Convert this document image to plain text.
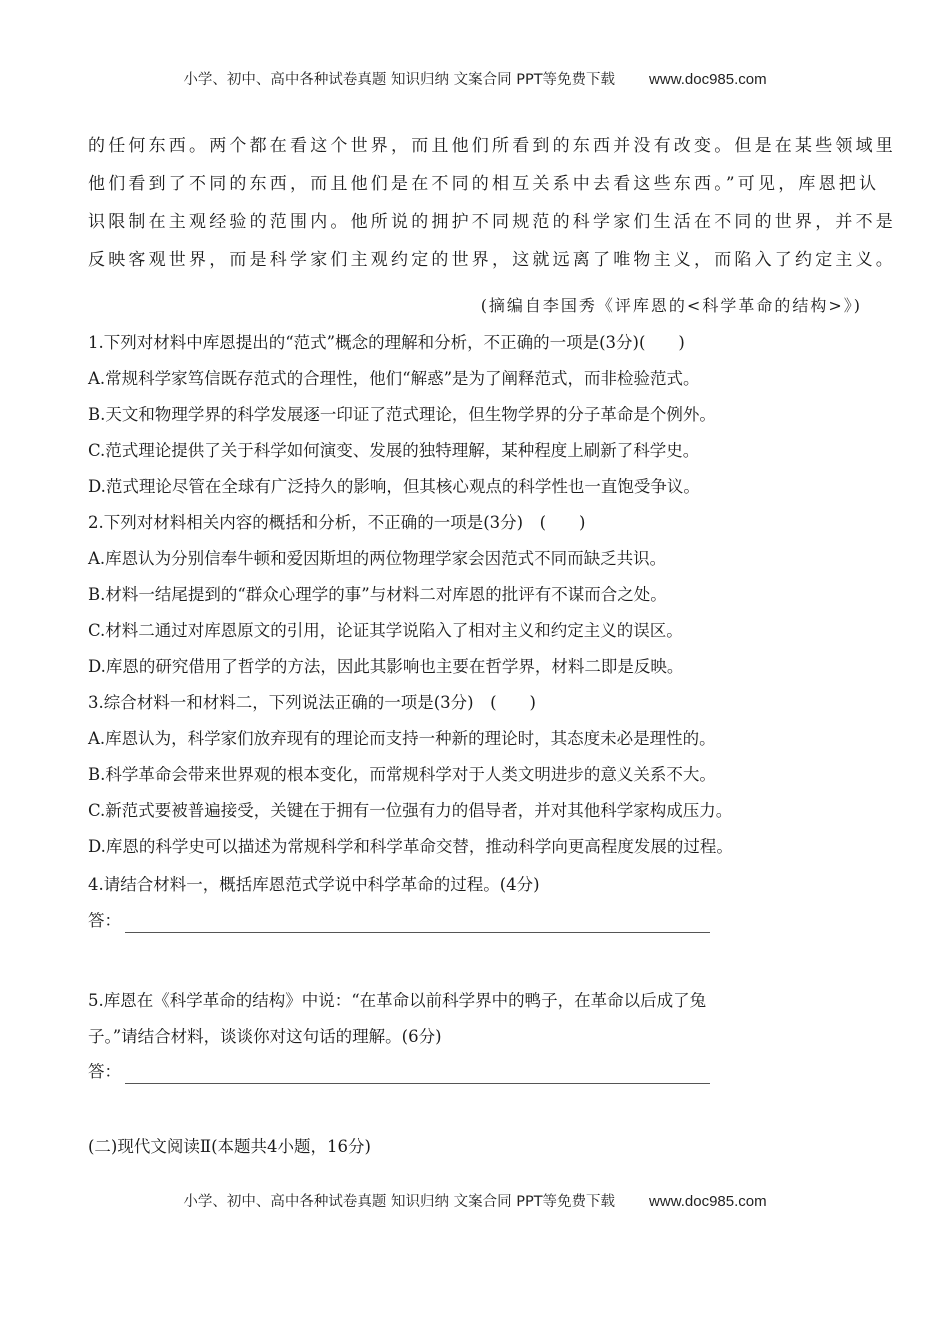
小学、初中、高中各种试卷真题 知识归纳 文案合同 PPT等免费下载 www.doc985.com
的任何东西。两个都在看这个世界，而且他们所看到的东西并没有改变。但是在某些领域里
他们看到了不同的东西，而且他们是在不同的相互关系中去看这些东西。”可见，库恩把认
识限制在主观经验的范围内。他所说的拥护不同规范的科学家们生活在不同的世界，并不是
反映客观世界，而是科学家们主观约定的世界，这就远离了唯物主义，而陷入了约定主义。
(摘编自李国秀《评库恩的<科学革命的结构>》)
1.下列对材料中库恩提出的“范式”概念的理解和分析，不正确的一项是(3分)(　　)
A.常规科学家笃信既存范式的合理性，他们“解惑”是为了阐释范式，而非检验范式。
B.天文和物理学界的科学发展逐一印证了范式理论，但生物学界的分子革命是个例外。
C.范式理论提供了关于科学如何演变、发展的独特理解，某种程度上刷新了科学史。
D.范式理论尽管在全球有广泛持久的影响，但其核心观点的科学性也一直饱受争议。
2.下列对材料相关内容的概括和分析，不正确的一项是(3分)　(　　)
A.库恩认为分别信奉牛顿和爱因斯坦的两位物理学家会因范式不同而缺乏共识。
B.材料一结尾提到的“群众心理学的事”与材料二对库恩的批评有不谋而合之处。
C.材料二通过对库恩原文的引用，论证其学说陷入了相对主义和约定主义的误区。
D.库恩的研究借用了哲学的方法，因此其影响也主要在哲学界，材料二即是反映。
3.综合材料一和材料二，下列说法正确的一项是(3分)　(　　)
A.库恩认为，科学家们放弃现有的理论而支持一种新的理论时，其态度未必是理性的。
B.科学革命会带来世界观的根本变化，而常规科学对于人类文明进步的意义关系不大。
C.新范式要被普遍接受，关键在于拥有一位强有力的倡导者，并对其他科学家构成压力。
D.库恩的科学史可以描述为常规科学和科学革命交替，推动科学向更高程度发展的过程。
4.请结合材料一，概括库恩范式学说中科学革命的过程。(4分)
答：
5.库恩在《科学革命的结构》中说：“在革命以前科学界中的鸭子，在革命以后成了兔
子。”请结合材料，谈谈你对这句话的理解。(6分)
答：
(二)现代文阅读Ⅱ(本题共4小题，16分)
小学、初中、高中各种试卷真题 知识归纳 文案合同 PPT等免费下载 www.doc985.com
